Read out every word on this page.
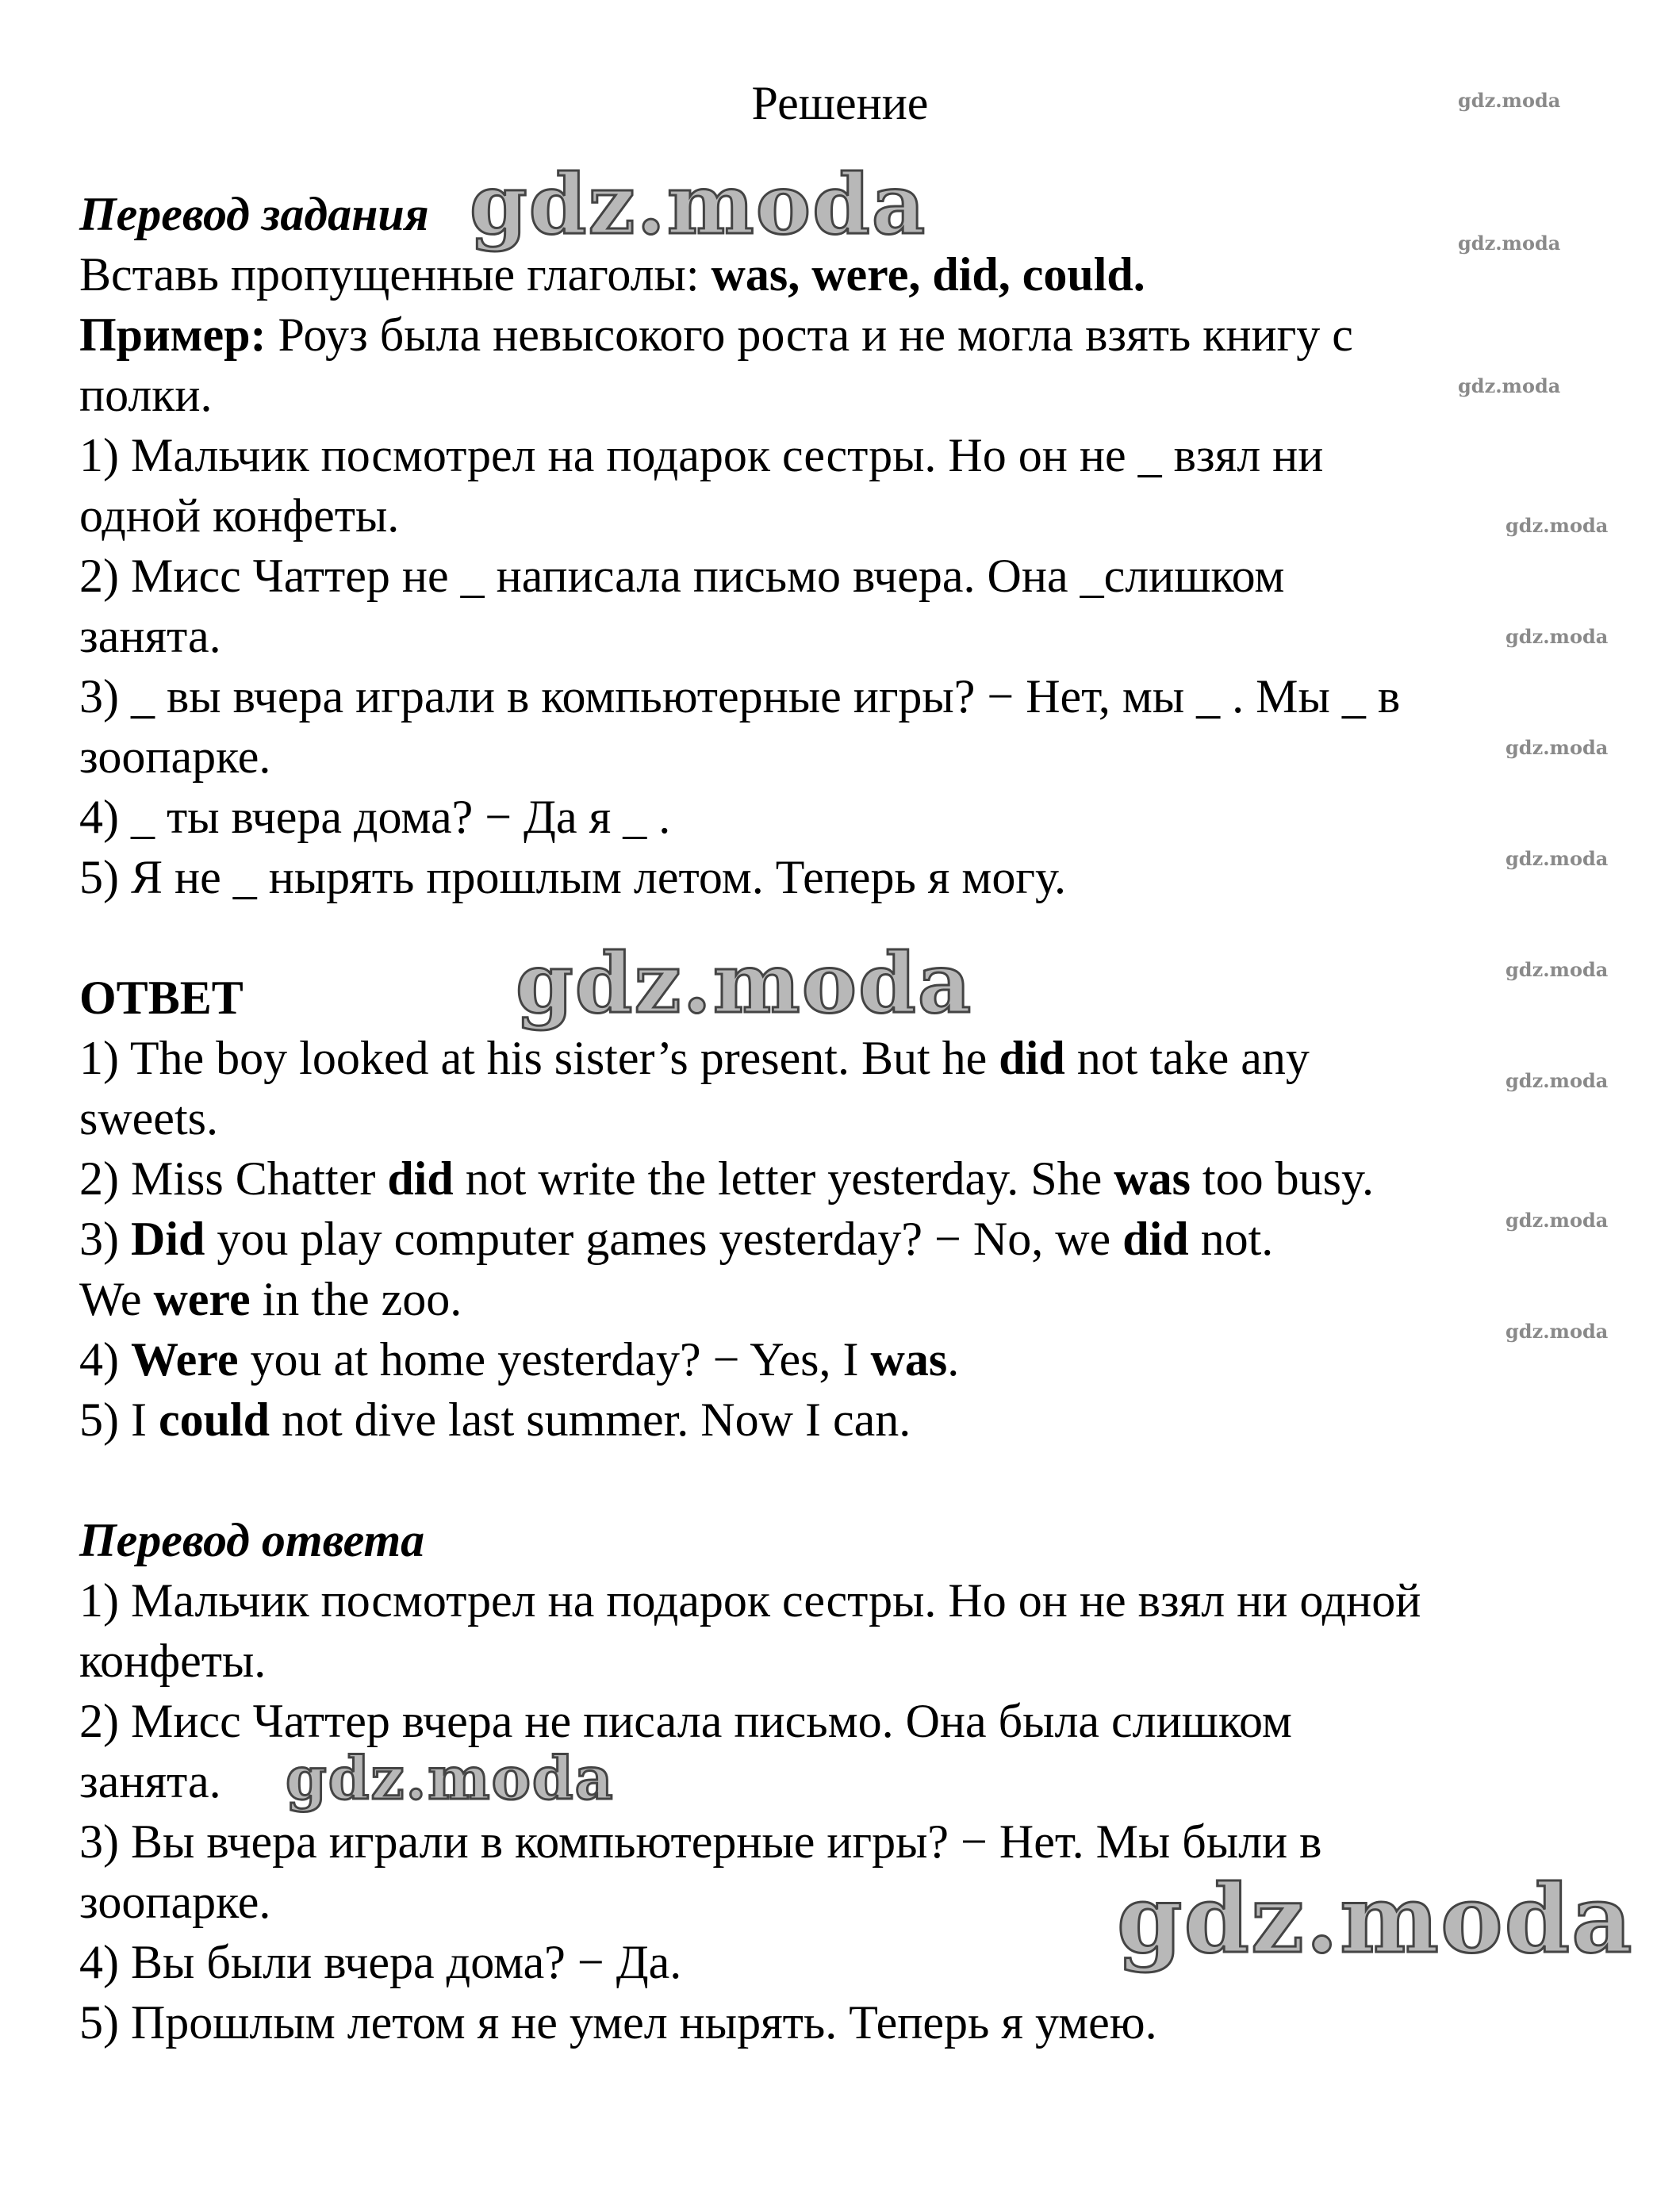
Решение
Перевод задания
Вставь пропущенные глаголы: was, were, did, could.
Пример: Роуз была невысокого роста и не могла взять книгу с
полки.
1) Мальчик посмотрел на подарок сестры. Но он не _ взял ни
одной конфеты.
2) Мисс Чаттер не _ написала письмо вчера. Она _слишком
занята.
3) _ вы вчера играли в компьютерные игры? − Нет, мы _ . Мы _ в
зоопарке.
4) _ ты вчера дома? − Да я _ .
5) Я не _ нырять прошлым летом. Теперь я могу.
ОТВЕТ
1) The boy looked at his sister’s present. But he did not take any
sweets.
2) Miss Chatter did not write the letter yesterday. She was too busy.
3) Did you play computer games yesterday? − No, we did not.
We were in the zoo.
4) Were you at home yesterday? − Yes, I was.
5) I could not dive last summer. Now I can.
Перевод ответа
1) Мальчик посмотрел на подарок сестры. Но он не взял ни одной
конфеты.
2) Мисс Чаттер вчера не писала письмо. Она была слишком
занята.
3) Вы вчера играли в компьютерные игры? − Нет. Мы были в
зоопарке.
4) Вы были вчера дома? − Да.
5) Прошлым летом я не умел нырять. Теперь я умею.
gdz.moda
gdz.moda
gdz.moda
gdz.moda
gdz.moda
gdz.moda
gdz.moda
gdz.moda
gdz.moda
gdz.moda
gdz.moda
gdz.moda
gdz.moda
gdz.moda
gdz.moda
